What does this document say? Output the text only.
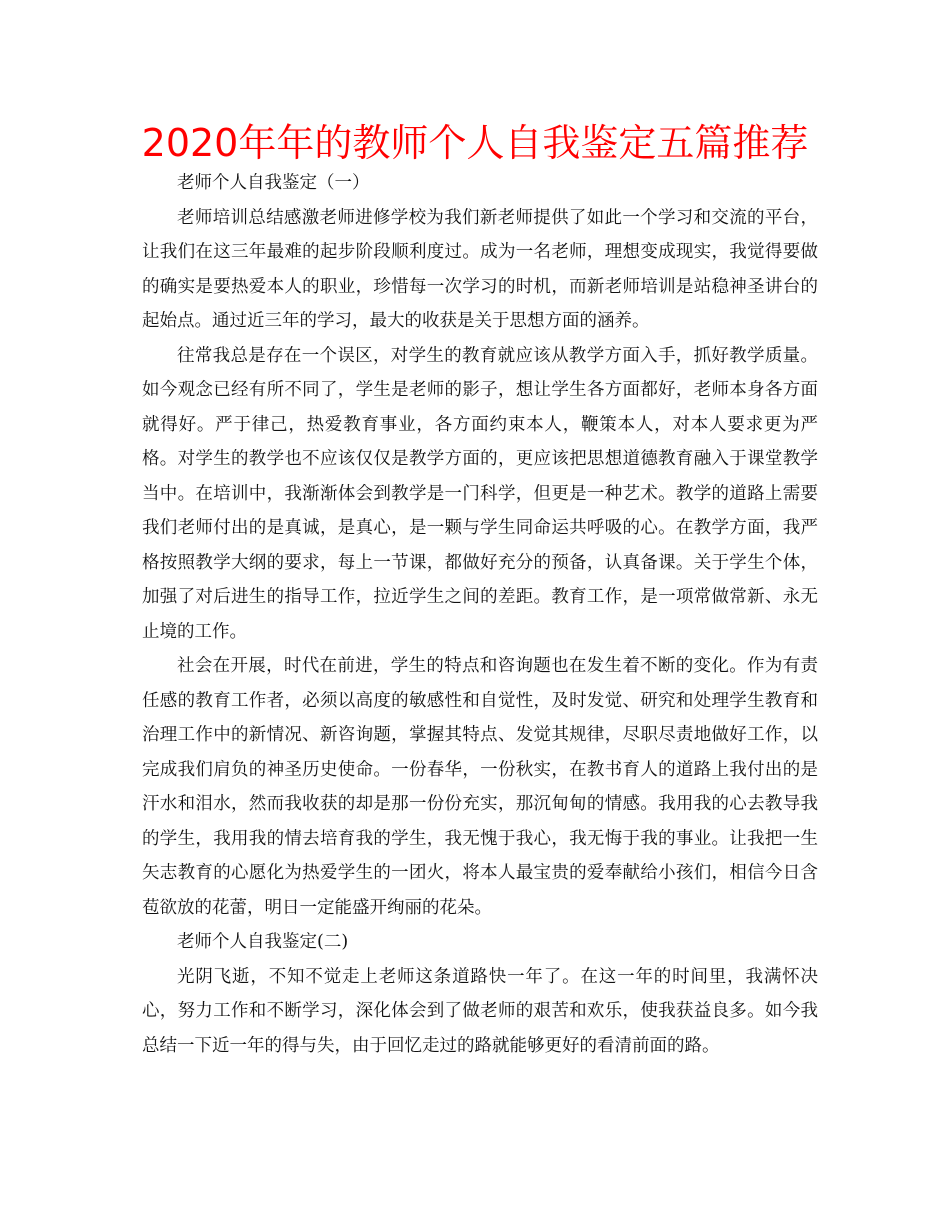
2020年年的教师个人自我鉴定五篇推荐

老师个人自我鉴定（一）

老师培训总结感激老师进修学校为我们新老师提供了如此一个学习和交流的平台，让我们在这三年最难的起步阶段顺利度过。成为一名老师，理想变成现实，我觉得要做的确实是要热爱本人的职业，珍惜每一次学习的时机，而新老师培训是站稳神圣讲台的起始点。通过近三年的学习，最大的收获是关于思想方面的涵养。

往常我总是存在一个误区，对学生的教育就应该从教学方面入手，抓好教学质量。如今观念已经有所不同了，学生是老师的影子，想让学生各方面都好，老师本身各方面就得好。严于律己，热爱教育事业，各方面约束本人，鞭策本人，对本人要求更为严格。对学生的教学也不应该仅仅是教学方面的，更应该把思想道德教育融入于课堂教学当中。在培训中，我渐渐体会到教学是一门科学，但更是一种艺术。教学的道路上需要我们老师付出的是真诚，是真心，是一颗与学生同命运共呼吸的心。在教学方面，我严格按照教学大纲的要求，每上一节课，都做好充分的预备，认真备课。关于学生个体，加强了对后进生的指导工作，拉近学生之间的差距。教育工作，是一项常做常新、永无止境的工作。

社会在开展，时代在前进，学生的特点和咨询题也在发生着不断的变化。作为有责任感的教育工作者，必须以高度的敏感性和自觉性，及时发觉、研究和处理学生教育和治理工作中的新情况、新咨询题，掌握其特点、发觉其规律，尽职尽责地做好工作，以完成我们肩负的神圣历史使命。一份春华，一份秋实，在教书育人的道路上我付出的是汗水和泪水，然而我收获的却是那一份份充实，那沉甸甸的情感。我用我的心去教导我的学生，我用我的情去培育我的学生，我无愧于我心，我无悔于我的事业。让我把一生矢志教育的心愿化为热爱学生的一团火，将本人最宝贵的爱奉献给小孩们，相信今日含苞欲放的花蕾，明日一定能盛开绚丽的花朵。

老师个人自我鉴定(二)

光阴飞逝，不知不觉走上老师这条道路快一年了。在这一年的时间里，我满怀决心，努力工作和不断学习，深化体会到了做老师的艰苦和欢乐，使我获益良多。如今我总结一下近一年的得与失，由于回忆走过的路就能够更好的看清前面的路。
